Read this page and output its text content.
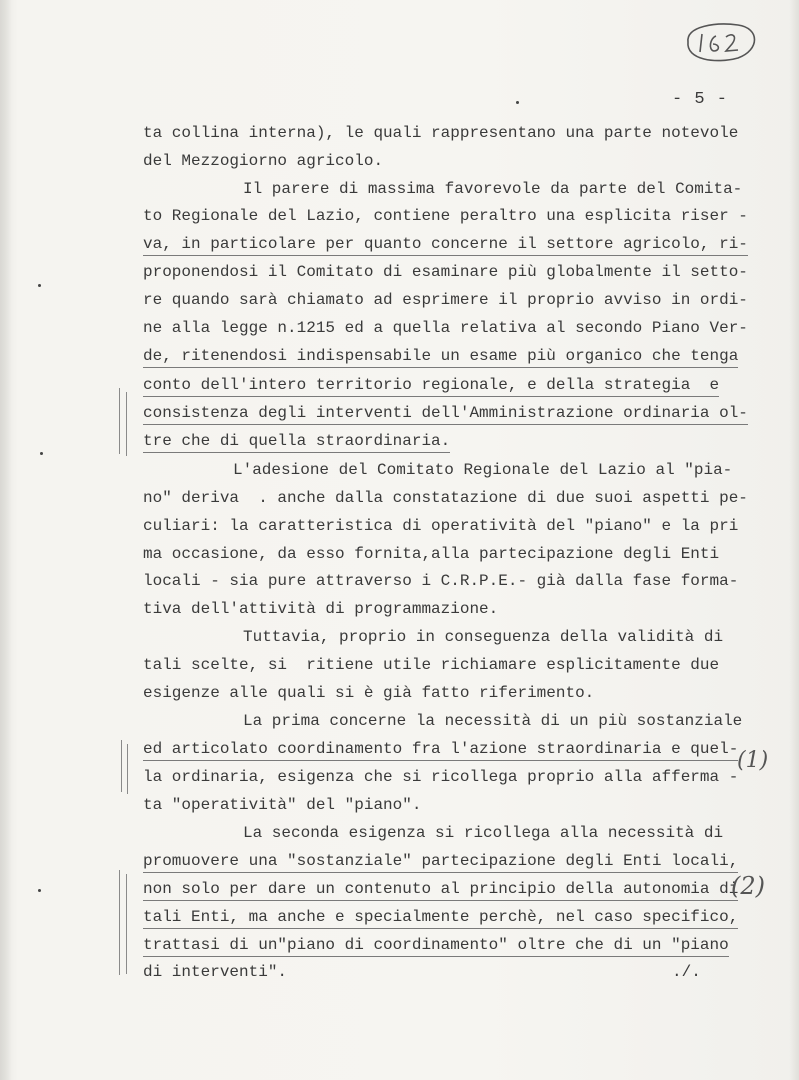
- 5 -
ta collina interna), le quali rappresentano una parte notevole
del Mezzogiorno agricolo.
Il parere di massima favorevole da parte del Comita-
to Regionale del Lazio, contiene peraltro una esplicita riser -
va, in particolare per quanto concerne il settore agricolo, ri-
proponendosi il Comitato di esaminare più globalmente il setto-
re quando sarà chiamato ad esprimere il proprio avviso in ordi-
ne alla legge n.1215 ed a quella relativa al secondo Piano Ver-
de, ritenendosi indispensabile un esame più organico che tenga
conto dell'intero territorio regionale, e della strategia  e
consistenza degli interventi dell'Amministrazione ordinaria ol-
tre che di quella straordinaria.
L'adesione del Comitato Regionale del Lazio al "pia-
no" deriva  . anche dalla constatazione di due suoi aspetti pe-
culiari: la caratteristica di operatività del "piano" e la pri
ma occasione, da esso fornita,alla partecipazione degli Enti
locali - sia pure attraverso i C.R.P.E.- già dalla fase forma-
tiva dell'attività di programmazione.
Tuttavia, proprio in conseguenza della validità di
tali scelte, si  ritiene utile richiamare esplicitamente due
esigenze alle quali si è già fatto riferimento.
La prima concerne la necessità di un più sostanziale
ed articolato coordinamento fra l'azione straordinaria e quel-
la ordinaria, esigenza che si ricollega proprio alla afferma -
ta "operatività" del "piano".
(1)
La seconda esigenza si ricollega alla necessità di
promuovere una "sostanziale" partecipazione degli Enti locali,
non solo per dare un contenuto al principio della autonomia di
tali Enti, ma anche e specialmente perchè, nel caso specifico,
trattasi di un"piano di coordinamento" oltre che di un "piano
di interventi".	./.
(2)
